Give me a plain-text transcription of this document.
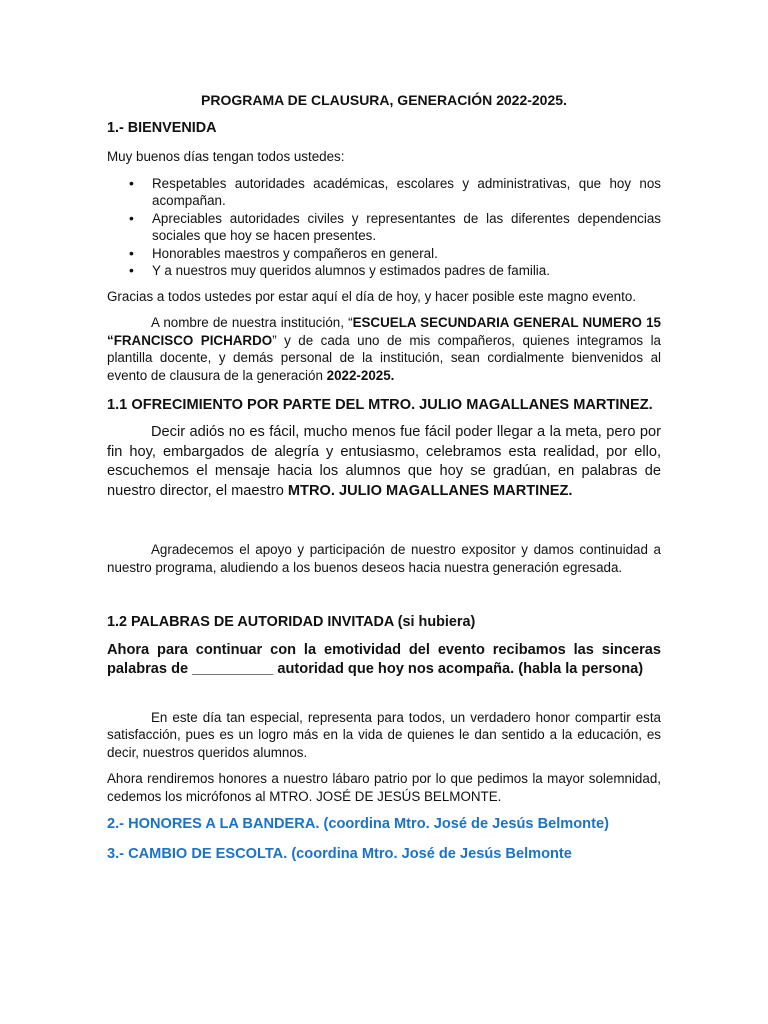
PROGRAMA DE CLAUSURA, GENERACIÓN 2022-2025.
1.- BIENVENIDA
Muy buenos días tengan todos ustedes:
• Respetables autoridades académicas, escolares y administrativas, que hoy nos acompañan.
• Apreciables autoridades civiles y representantes de las diferentes dependencias sociales que hoy se hacen presentes.
• Honorables maestros y compañeros en general.
• Y a nuestros muy queridos alumnos y estimados padres de familia.
Gracias a todos ustedes por estar aquí el día de hoy, y hacer posible este magno evento.
A nombre de nuestra institución, “ESCUELA SECUNDARIA GENERAL NUMERO 15 “FRANCISCO PICHARDO” y de cada uno de mis compañeros, quienes integramos la plantilla docente, y demás personal de la institución, sean cordialmente bienvenidos al evento de clausura de la generación 2022-2025.
1.1 OFRECIMIENTO POR PARTE DEL MTRO. JULIO MAGALLANES MARTINEZ.
Decir adiós no es fácil, mucho menos fue fácil poder llegar a la meta, pero por fin hoy, embargados de alegría y entusiasmo, celebramos esta realidad, por ello, escuchemos el mensaje hacia los alumnos que hoy se gradúan, en palabras de nuestro director, el maestro MTRO. JULIO MAGALLANES MARTINEZ.
Agradecemos el apoyo y participación de nuestro expositor y damos continuidad a nuestro programa, aludiendo a los buenos deseos hacia nuestra generación egresada.
1.2 PALABRAS DE AUTORIDAD INVITADA (si hubiera)
Ahora para continuar con la emotividad del evento recibamos las sinceras palabras de __________ autoridad que hoy nos acompaña. (habla la persona)
En este día tan especial, representa para todos, un verdadero honor compartir esta satisfacción, pues es un logro más en la vida de quienes le dan sentido a la educación, es decir, nuestros queridos alumnos.
Ahora rendiremos honores a nuestro lábaro patrio por lo que pedimos la mayor solemnidad, cedemos los micrófonos al MTRO. JOSÉ DE JESÚS BELMONTE.
2.- HONORES A LA BANDERA. (coordina Mtro. José de Jesús Belmonte)
3.- CAMBIO DE ESCOLTA. (coordina Mtro. José de Jesús Belmonte
